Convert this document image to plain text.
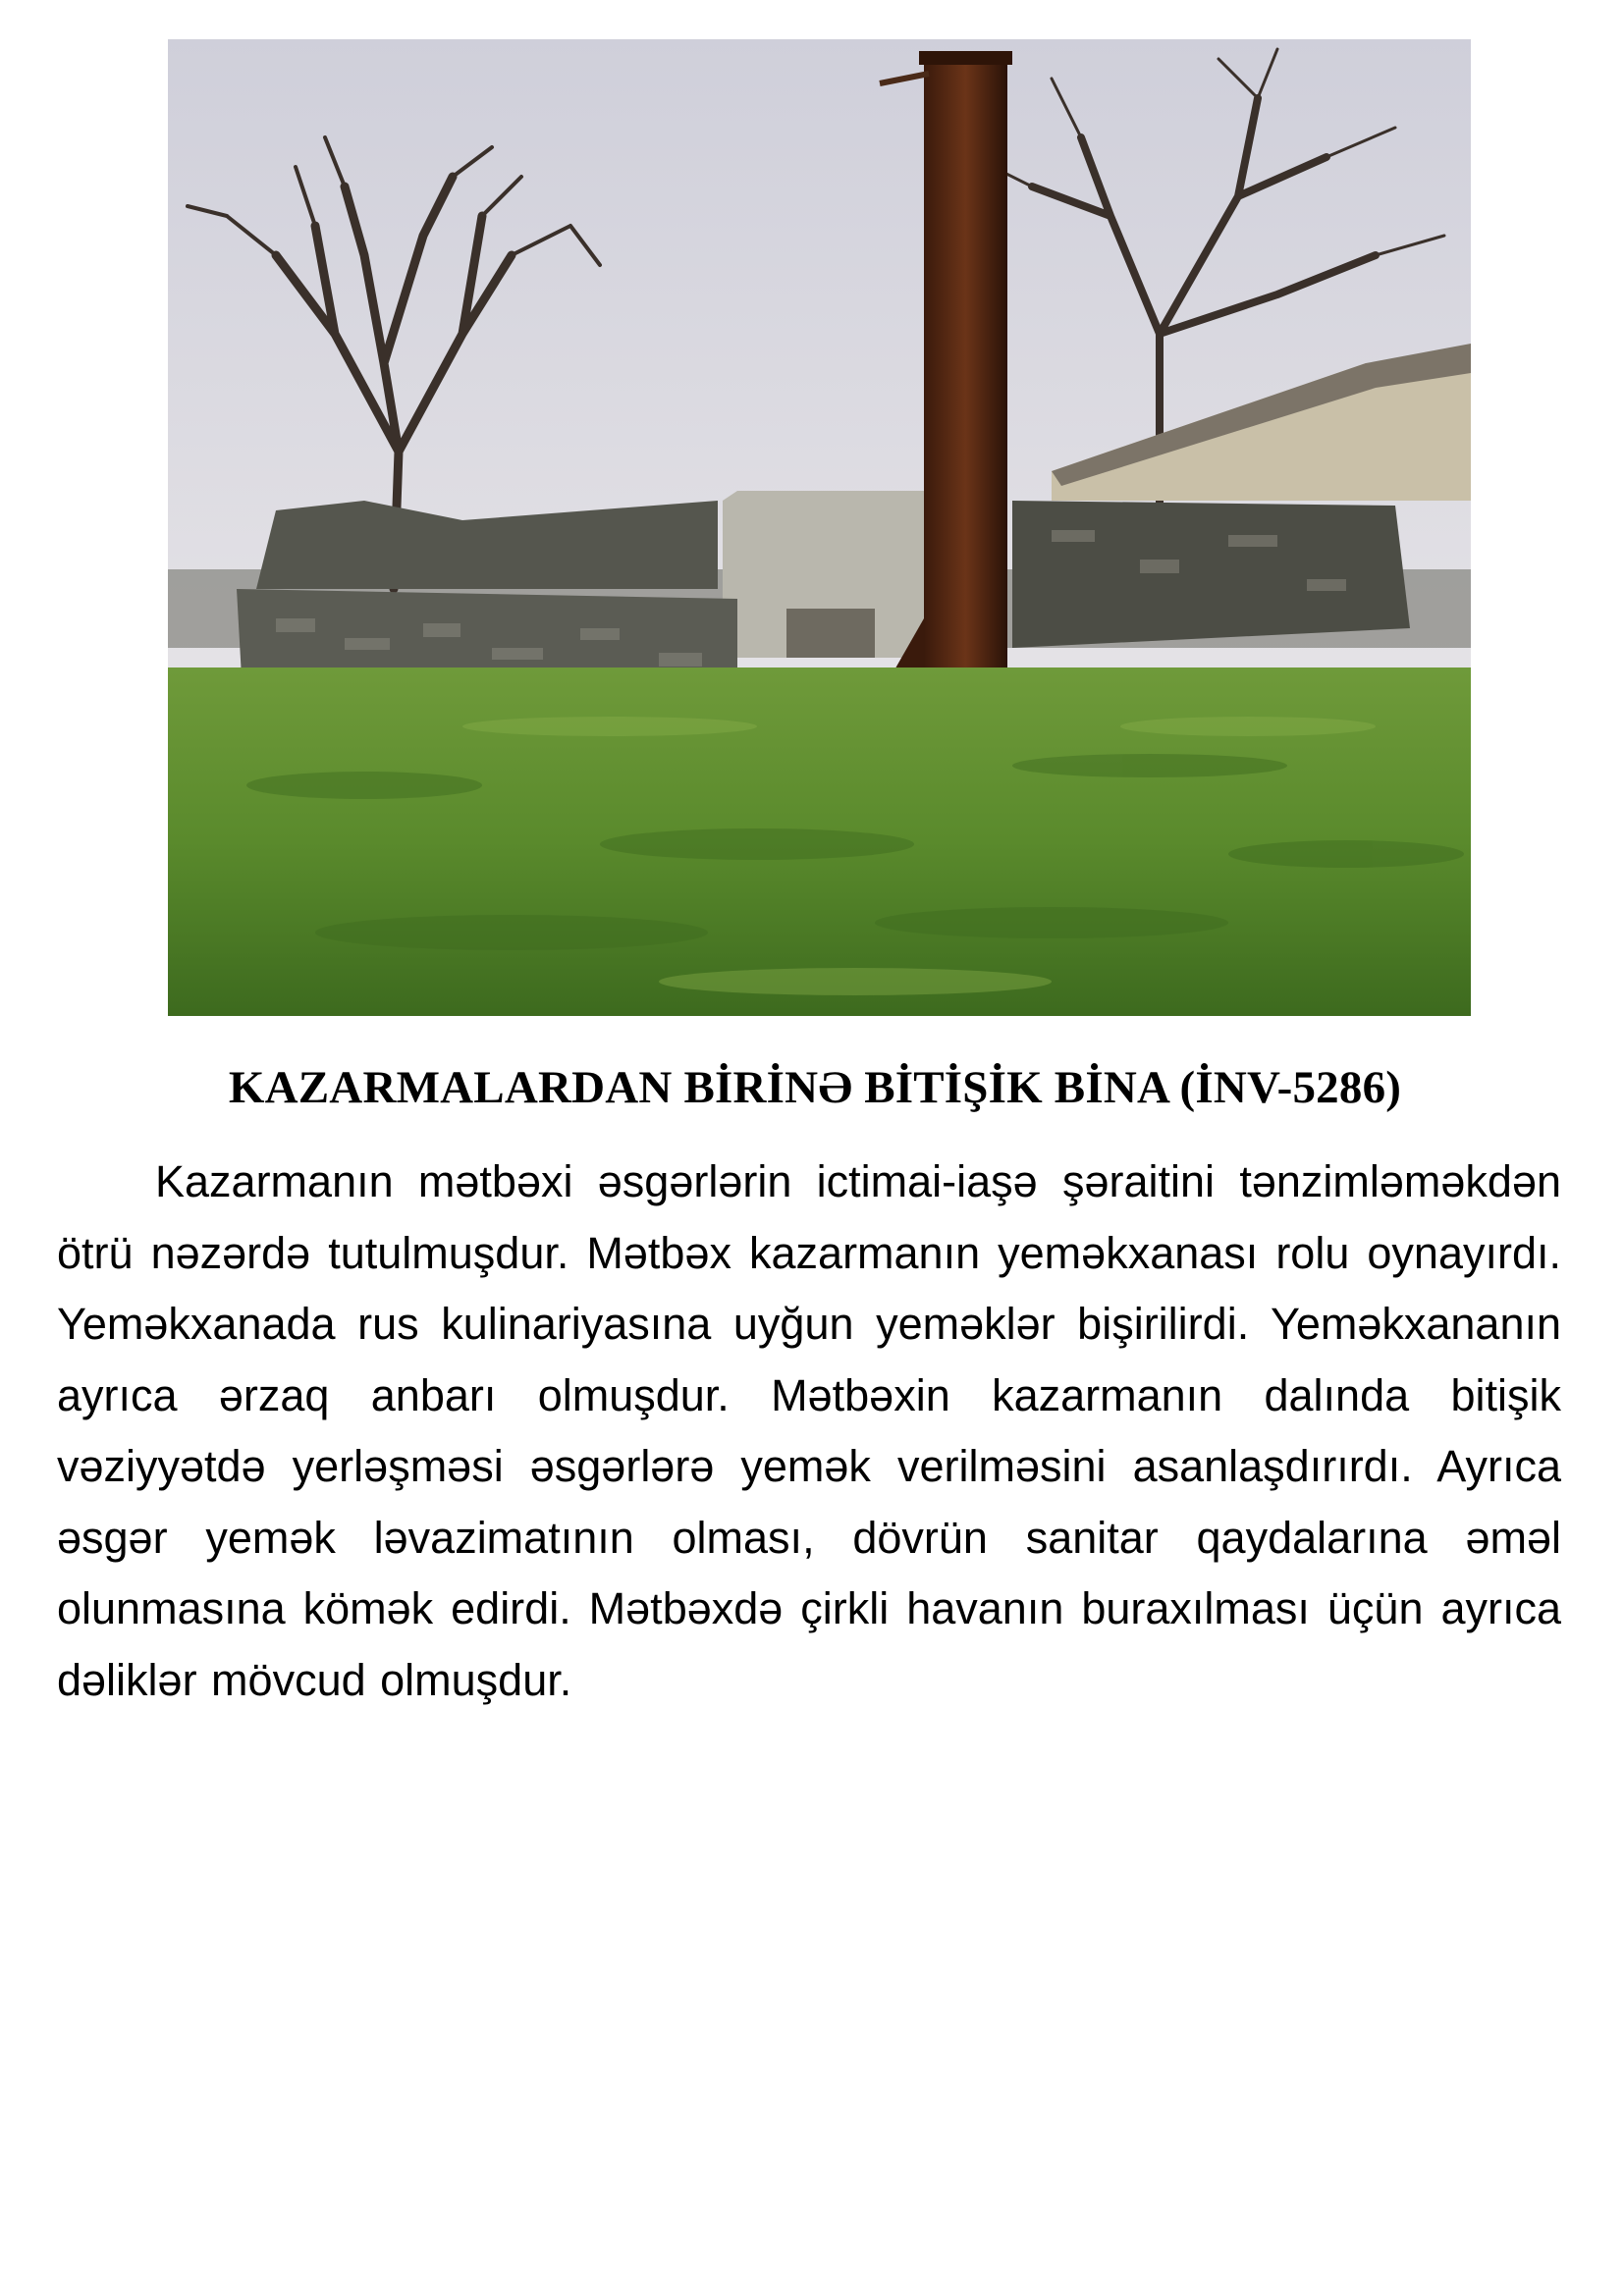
KAZARMALARDAN BİRİNƏ BİTİŞİK BİNA (İNV-5286)

Kazarmanın mətbəxi əsgərlərin ictimai-iaşə şəraitini tənzimləməkdən ötrü nəzərdə tutulmuşdur. Mətbəx kazarmanın yeməkxanası rolu oynayırdı. Yeməkxanada rus kulinariyasına uyğun yeməklər bişirilirdi. Yeməkxananın ayrıca ərzaq anbarı olmuşdur. Mətbəxin kazarmanın dalında bitişik vəziyyətdə yerləşməsi əsgərlərə yemək verilməsini asanlaşdırırdı. Ayrıca əsgər yemək ləvazimatının olması, dövrün sanitar qaydalarına əməl olunmasına kömək edirdi. Mətbəxdə çirkli havanın buraxılması üçün ayrıca dəliklər mövcud olmuşdur.
